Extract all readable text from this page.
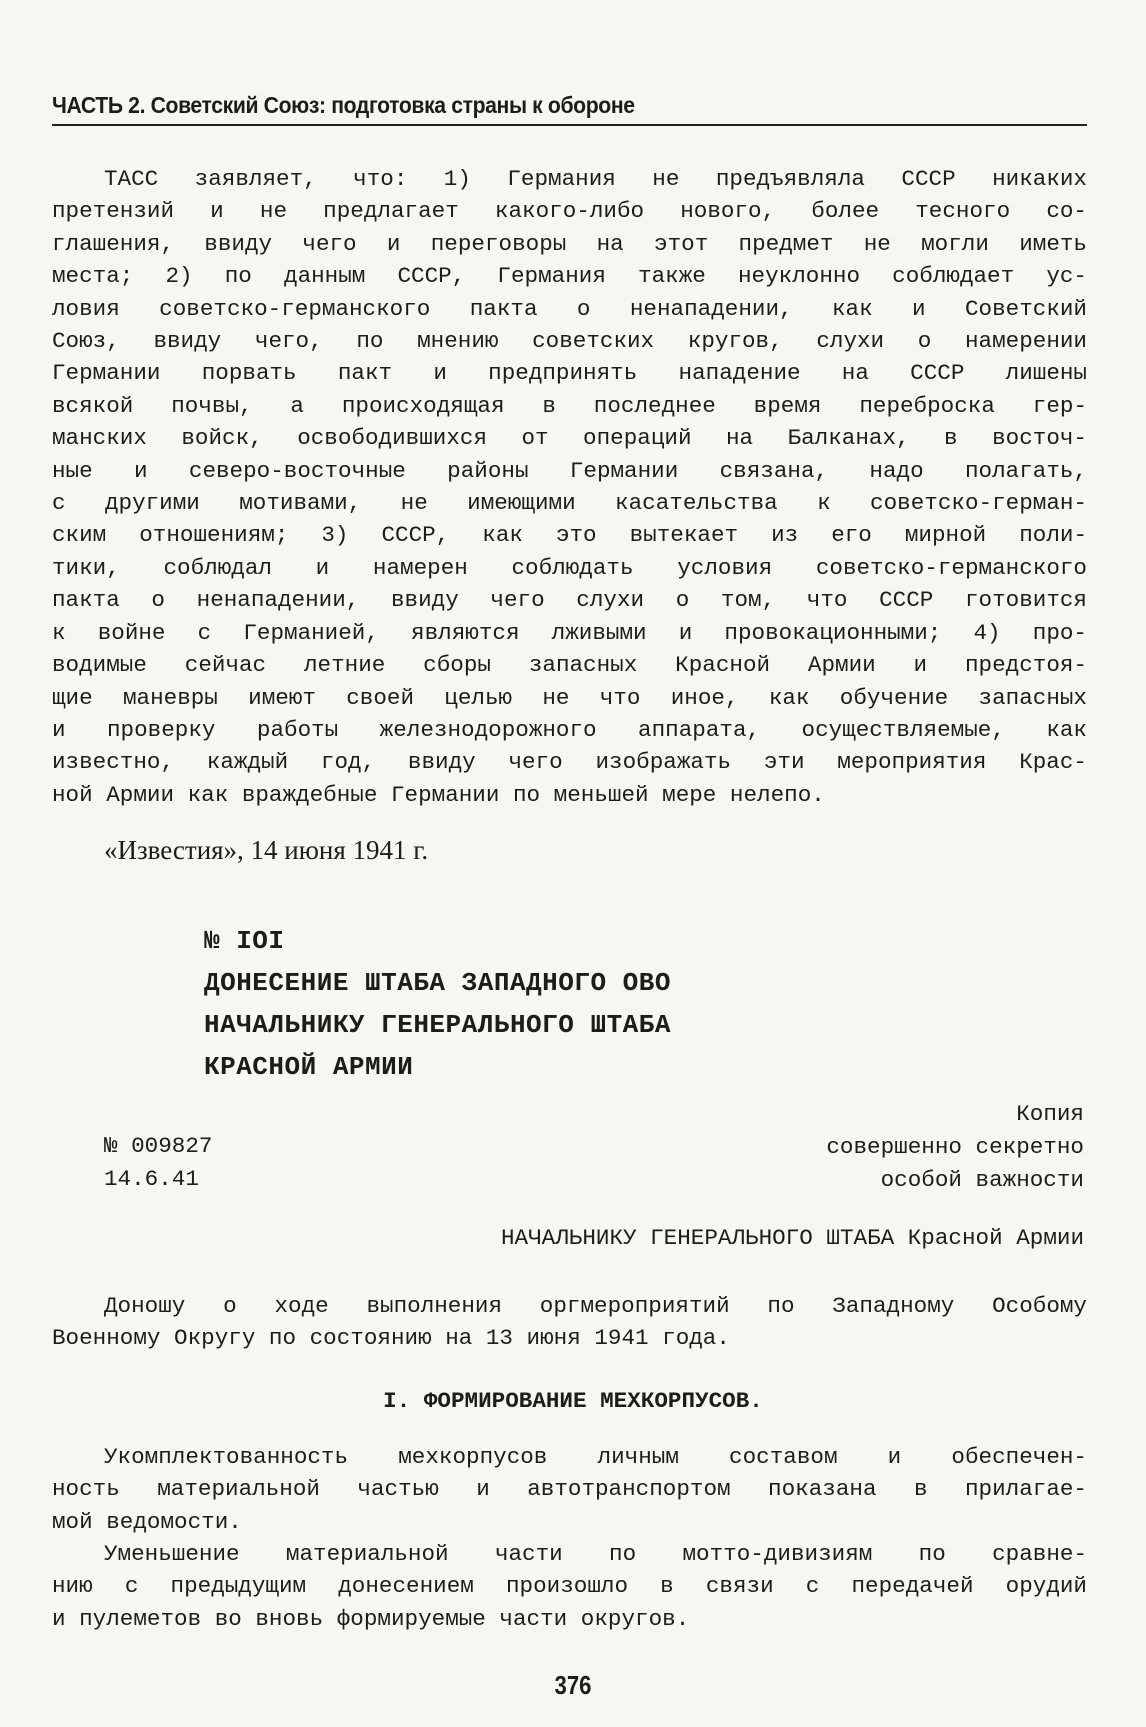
ЧАСТЬ 2. Советский Союз: подготовка страны к обороне
ТАСС заявляет, что: 1) Германия не предъявляла СССР никаких
претензий и не предлагает какого-либо нового, более тесного со-
глашения, ввиду чего и переговоры на этот предмет не могли иметь
места; 2) по данным СССР, Германия также неуклонно соблюдает ус-
ловия советско-германского пакта о ненападении, как и Советский
Союз, ввиду чего, по мнению советских кругов, слухи о намерении
Германии порвать пакт и предпринять нападение на СССР лишены
всякой почвы, а происходящая в последнее время переброска гер-
манских войск, освободившихся от операций на Балканах, в восточ-
ные и северо-восточные районы Германии связана, надо полагать,
с другими мотивами, не имеющими касательства к советско-герман-
ским отношениям; 3) СССР, как это вытекает из его мирной поли-
тики, соблюдал и намерен соблюдать условия советско-германского
пакта о ненападении, ввиду чего слухи о том, что СССР готовится
к войне с Германией, являются лживыми и провокационными; 4) про-
водимые сейчас летние сборы запасных Красной Армии и предстоя-
щие маневры имеют своей целью не что иное, как обучение запасных
и проверку работы железнодорожного аппарата, осуществляемые, как
известно, каждый год, ввиду чего изображать эти мероприятия Крас-
ной Армии как враждебные Германии по меньшей мере нелепо.
«Известия», 14 июня 1941 г.
№ IOI
ДОНЕСЕНИЕ ШТАБА ЗАПАДНОГО ОВО
НАЧАЛЬНИКУ ГЕНЕРАЛЬНОГО ШТАБА
КРАСНОЙ АРМИИ
Копия
совершенно секретно
особой важности
№ 009827
14.6.41
НАЧАЛЬНИКУ ГЕНЕРАЛЬНОГО ШТАБА Красной Армии
Доношу о ходе выполнения оргмероприятий по Западному Особому
Военному Округу по состоянию на 13 июня 1941 года.
I. ФОРМИРОВАНИЕ МЕХКОРПУСОВ.
Укомплектованность мехкорпусов личным составом и обеспечен-
ность материальной частью и автотранспортом показана в прилагае-
мой ведомости.
Уменьшение материальной части по мотто-дивизиям по сравне-
нию с предыдущим донесением произошло в связи с передачей орудий
и пулеметов во вновь формируемые части округов.
376
